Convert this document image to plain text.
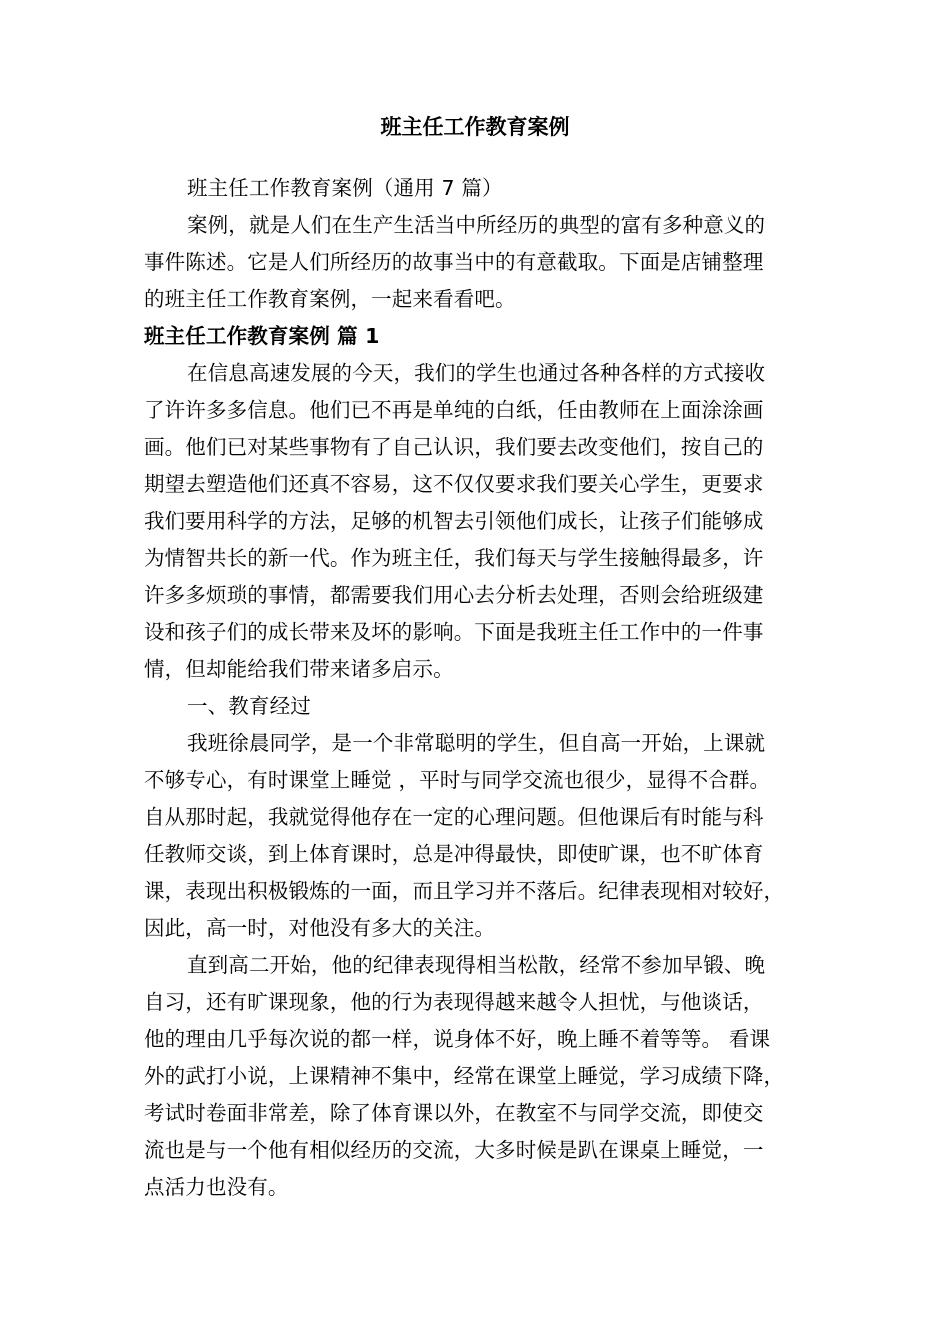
班主任工作教育案例
班主任工作教育案例（通用 7 篇）
案例，就是人们在生产生活当中所经历的典型的富有多种意义的
事件陈述。它是人们所经历的故事当中的有意截取。下面是店铺整理
的班主任工作教育案例，一起来看看吧。
班主任工作教育案例 篇 1
在信息高速发展的今天，我们的学生也通过各种各样的方式接收
了许许多多信息。他们已不再是单纯的白纸，任由教师在上面涂涂画
画。他们已对某些事物有了自己认识，我们要去改变他们，按自己的
期望去塑造他们还真不容易，这不仅仅要求我们要关心学生，更要求
我们要用科学的方法，足够的机智去引领他们成长，让孩子们能够成
为情智共长的新一代。作为班主任，我们每天与学生接触得最多，许
许多多烦琐的事情，都需要我们用心去分析去处理，否则会给班级建
设和孩子们的成长带来及坏的影响。下面是我班主任工作中的一件事
情，但却能给我们带来诸多启示。
一、教育经过
我班徐晨同学，是一个非常聪明的学生，但自高一开始，上课就
不够专心，有时课堂上睡觉 ，平时与同学交流也很少，显得不合群。
自从那时起，我就觉得他存在一定的心理问题。但他课后有时能与科
任教师交谈，到上体育课时，总是冲得最快，即使旷课，也不旷体育
课，表现出积极锻炼的一面，而且学习并不落后。纪律表现相对较好，
因此，高一时，对他没有多大的关注。
直到高二开始，他的纪律表现得相当松散，经常不参加早锻、晚
自习，还有旷课现象，他的行为表现得越来越令人担忧，与他谈话，
他的理由几乎每次说的都一样，说身体不好，晚上睡不着等等。 看课
外的武打小说，上课精神不集中，经常在课堂上睡觉，学习成绩下降，
考试时卷面非常差，除了体育课以外，在教室不与同学交流，即使交
流也是与一个他有相似经历的交流，大多时候是趴在课桌上睡觉，一
点活力也没有。
